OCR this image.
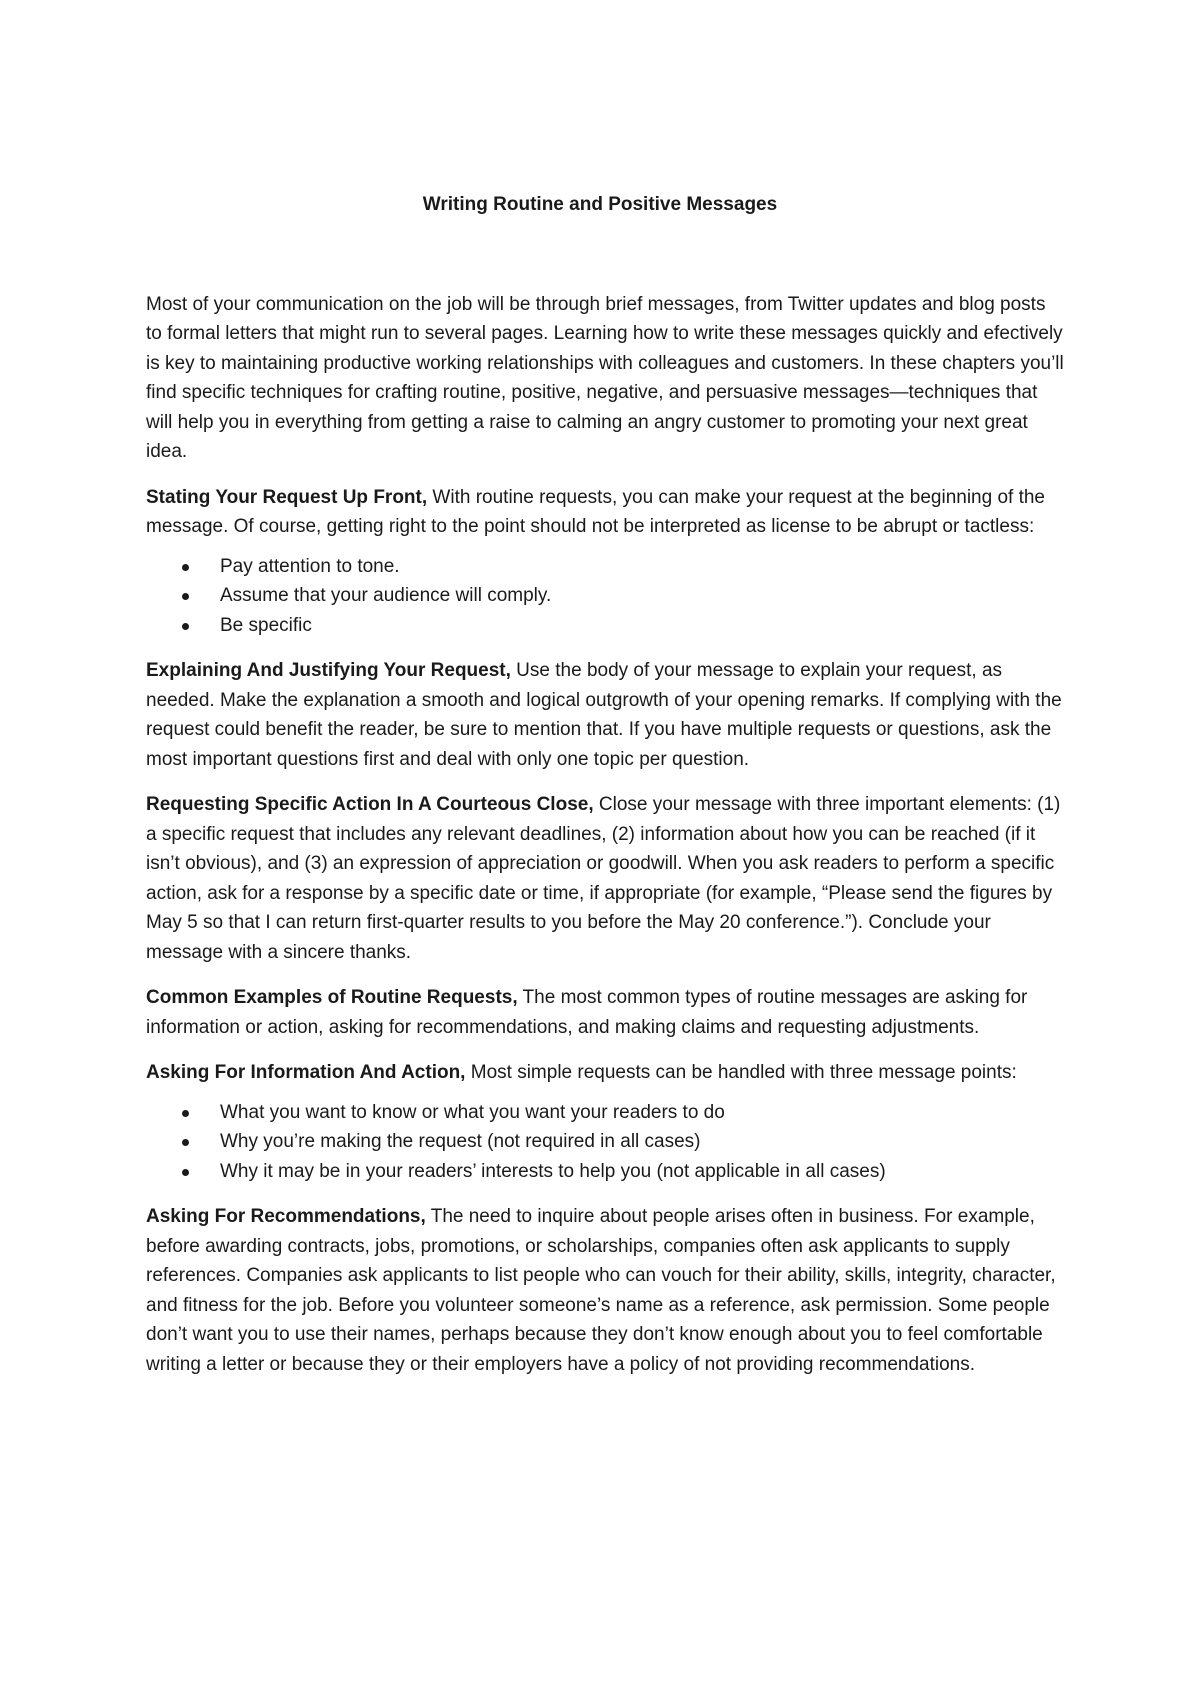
Writing Routine and Positive Messages

Most of your communication on the job will be through brief messages, from Twitter updates and blog posts to formal letters that might run to several pages. Learning how to write these messages quickly and efectively is key to maintaining productive working relationships with colleagues and customers. In these chapters you’ll find specific techniques for crafting routine, positive, negative, and persuasive messages—techniques that will help you in everything from getting a raise to calming an angry customer to promoting your next great idea.

Stating Your Request Up Front, With routine requests, you can make your request at the beginning of the message. Of course, getting right to the point should not be interpreted as license to be abrupt or tactless:

Pay attention to tone.
Assume that your audience will comply.
Be specific

Explaining And Justifying Your Request, Use the body of your message to explain your request, as needed. Make the explanation a smooth and logical outgrowth of your opening remarks. If complying with the request could benefit the reader, be sure to mention that. If you have multiple requests or questions, ask the most important questions first and deal with only one topic per question.

Requesting Specific Action In A Courteous Close, Close your message with three important elements: (1) a specific request that includes any relevant deadlines, (2) information about how you can be reached (if it isn’t obvious), and (3) an expression of appreciation or goodwill. When you ask readers to perform a specific action, ask for a response by a specific date or time, if appropriate (for example, “Please send the figures by May 5 so that I can return first-quarter results to you before the May 20 conference.”). Conclude your message with a sincere thanks.

Common Examples of Routine Requests, The most common types of routine messages are asking for information or action, asking for recommendations, and making claims and requesting adjustments.

Asking For Information And Action, Most simple requests can be handled with three message points:

What you want to know or what you want your readers to do
Why you’re making the request (not required in all cases)
Why it may be in your readers’ interests to help you (not applicable in all cases)

Asking For Recommendations, The need to inquire about people arises often in business. For example, before awarding contracts, jobs, promotions, or scholarships, companies often ask applicants to supply references. Companies ask applicants to list people who can vouch for their ability, skills, integrity, character, and fitness for the job. Before you volunteer someone’s name as a reference, ask permission. Some people don’t want you to use their names, perhaps because they don’t know enough about you to feel comfortable writing a letter or because they or their employers have a policy of not providing recommendations.
